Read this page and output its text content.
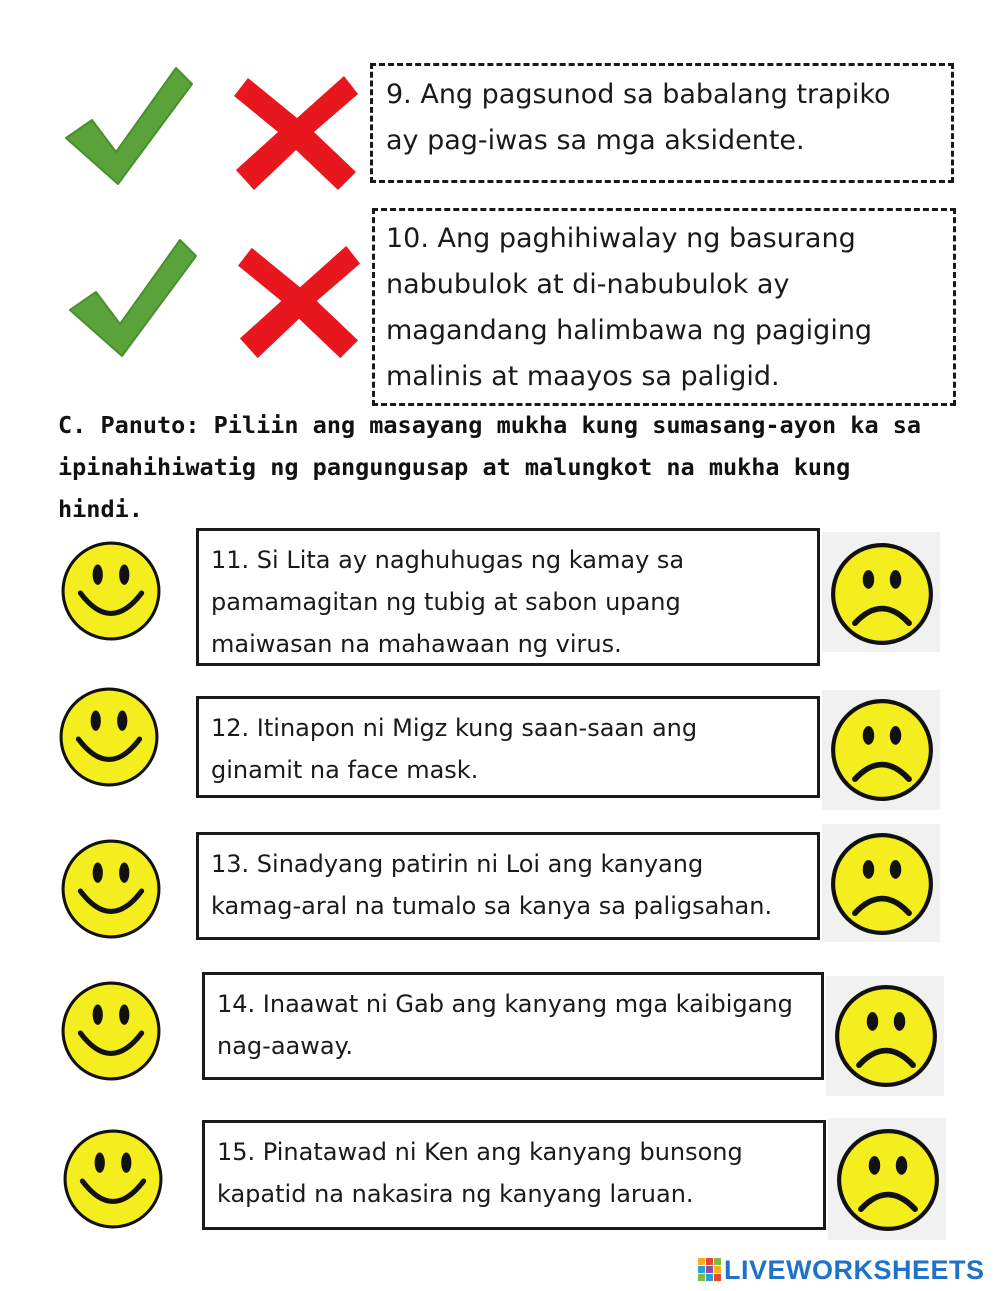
9. Ang pagsunod sa babalang trapiko
ay pag-iwas sa mga aksidente.
10. Ang paghihiwalay ng basurang
nabubulok at di-nabubulok ay
magandang halimbawa ng pagiging
malinis at maayos sa paligid.
C. Panuto: Piliin ang masayang mukha kung sumasang-ayon ka sa ipinahihiwatig ng pangungusap at malungkot na mukha kung hindi.
11. Si Lita ay naghuhugas ng kamay sa
pamamagitan ng tubig at sabon upang
maiwasan na mahawaan ng virus.
12. Itinapon ni Migz kung saan-saan ang
ginamit na face mask.
13. Sinadyang patirin ni Loi ang kanyang
kamag-aral na tumalo sa kanya sa paligsahan.
14. Inaawat ni Gab ang kanyang mga kaibigang
nag-aaway.
15. Pinatawad ni Ken ang kanyang bunsong
kapatid na nakasira ng kanyang laruan.
LIVEWORKSHEETS
